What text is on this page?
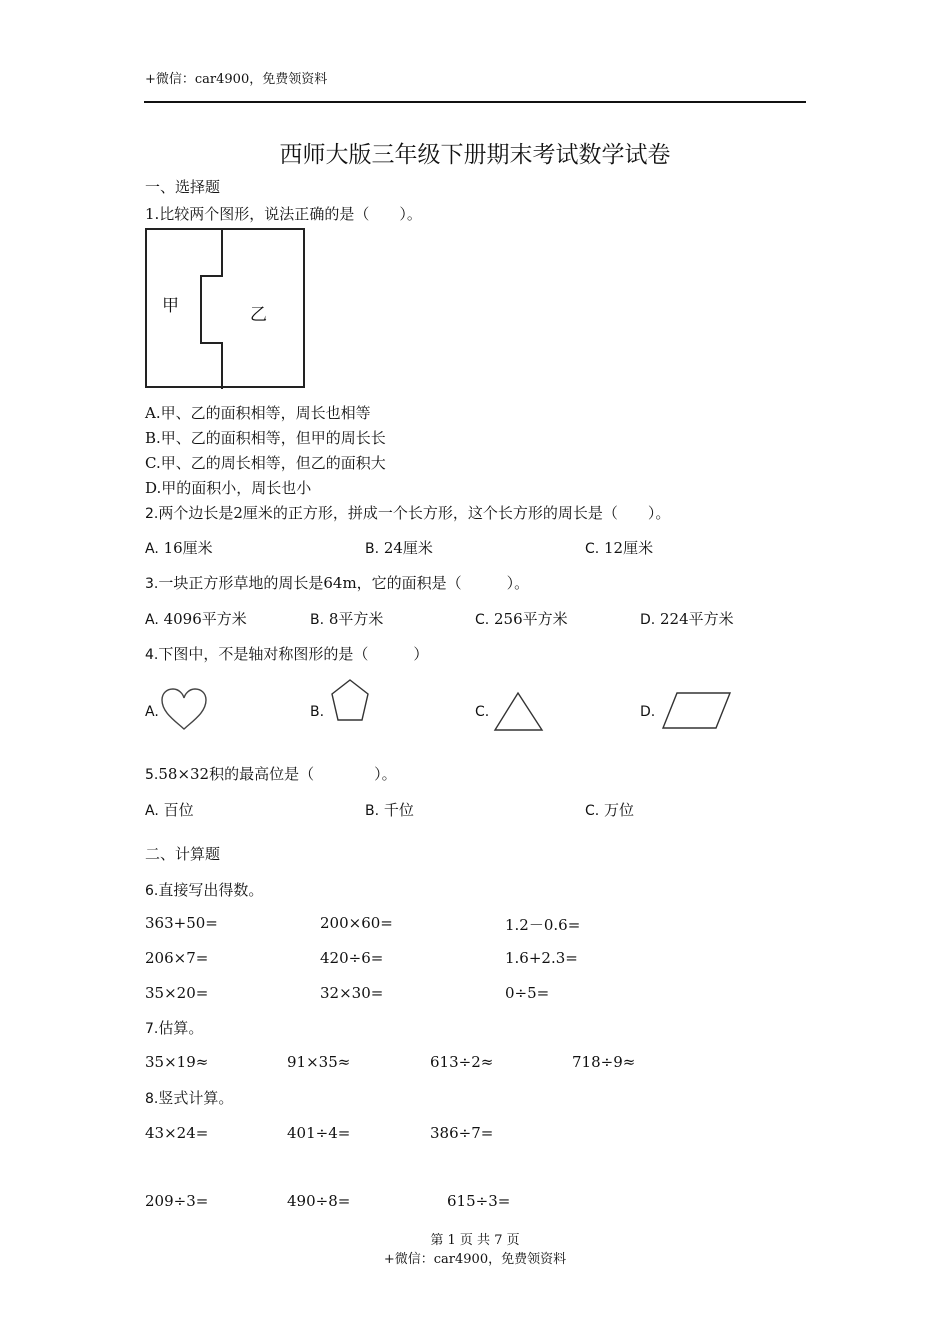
+微信：car4900，免费领资料
西师大版三年级下册期末考试数学试卷
一、选择题
1.比较两个图形，说法正确的是（　　）。
甲	乙
A.甲、乙的面积相等，周长也相等
B.甲、乙的面积相等，但甲的周长长
C.甲、乙的周长相等，但乙的面积大
D.甲的面积小，周长也小
2.两个边长是2厘米的正方形，拼成一个长方形，这个长方形的周长是（　　）。
A. 16厘米	B. 24厘米	C. 12厘米
3.一块正方形草地的周长是64m，它的面积是（　　　）。
A. 4096平方米	B. 8平方米	C. 256平方米	D. 224平方米
4.下图中，不是轴对称图形的是（　　　）
A.	B.	C.	D.
5.58×32积的最高位是（　　　　）。
A. 百位	B. 千位	C. 万位
二、计算题
6.直接写出得数。
363+50=	200×60=	1.2－0.6=
206×7=	420÷6=	1.6+2.3=
35×20=	32×30=	0÷5=
7.估算。
35×19≈	91×35≈	613÷2≈	718÷9≈
8.竖式计算。
43×24=	401÷4=	386÷7=
209÷3=	490÷8=	615÷3=
第 1 页 共 7 页
+微信：car4900，免费领资料
